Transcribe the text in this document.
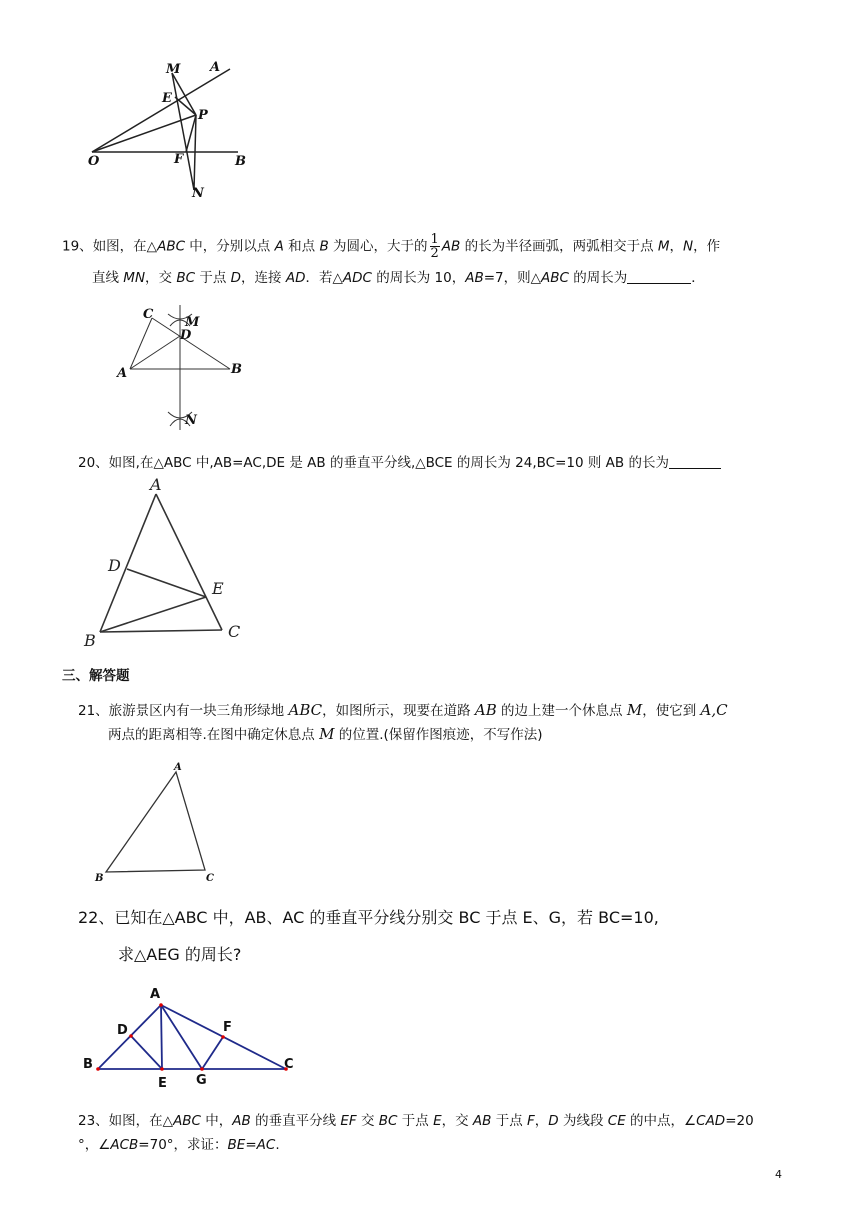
M A
E
P
O	F	B
N
19、如图，在△ABC 中，分别以点 A 和点 B 为圆心，大于的 $\frac{1}{2}$ AB 的长为半径画弧，两弧相交于点 M，N，作
直线 MN，交 BC 于点 D，连接 AD．若△ADC 的周长为 10，AB=7，则△ABC 的周长为	．
C
M
D
A	B
N
20、如图,在△ABC 中,AB=AC,DE 是 AB 的垂直平分线,△BCE 的周长为 24,BC=10 则 AB 的长为
A
D
E
B	C
三、解答题
21、旅游景区内有一块三角形绿地 ABC，如图所示，现要在道路 AB 的边上建一个休息点 M，使它到 A,C
两点的距离相等.在图中确定休息点 M 的位置.(保留作图痕迹，不写作法)
A
B	C
22、已知在△ABC 中，AB、AC 的垂直平分线分别交 BC 于点 E、G，若 BC=10,
求△AEG 的周长?
A
D	F
B
E G
C
23、如图，在△ABC 中，AB 的垂直平分线 EF 交 BC 于点 E，交 AB 于点 F，D 为线段 CE 的中点，∠CAD=20
°，∠ACB=70°，求证：BE=AC.
4
